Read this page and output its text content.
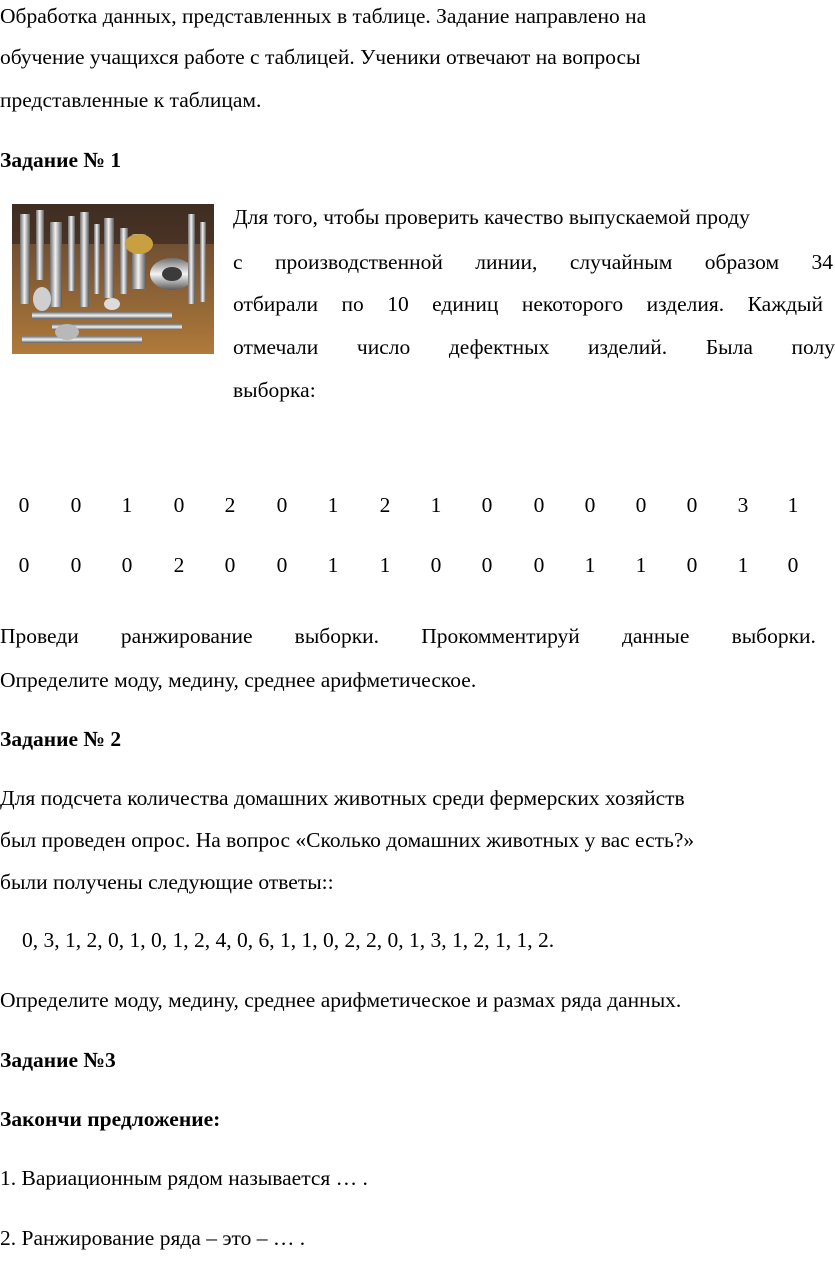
Обработка данных, представленных в таблице. Задание направлено на
обучение учащихся работе с таблицей. Ученики отвечают на вопросы
представленные к таблицам.
Задание № 1
Для того, чтобы проверить качество выпускаемой проду
с производственной линии, случайным образом 34
отбирали по 10 единиц некоторого изделия. Каждый
отмечали число дефектных изделий. Была полу
выборка:
0	0	1	0	2	0	1	2	1	0	0	0	0	0	3	1
0	0	0	2	0	0	1	1	0	0	0	1	1	0	1	0
Проведи ранжирование выборки. Прокомментируй данные выборки.
Определите моду, медину, среднее арифметическое.
Задание № 2
Для подсчета количества домашних животных среди фермерских хозяйств
был проведен опрос. На вопрос «Сколько домашних животных у вас есть?»
были получены следующие ответы::
0, 3, 1, 2, 0, 1, 0, 1, 2, 4, 0, 6, 1, 1, 0, 2, 2, 0, 1, 3, 1, 2, 1, 1, 2.
Определите моду, медину, среднее арифметическое и размах ряда данных.
Задание №3
Закончи предложение:
1. Вариационным рядом называется … .
2. Ранжирование ряда – это – … .
